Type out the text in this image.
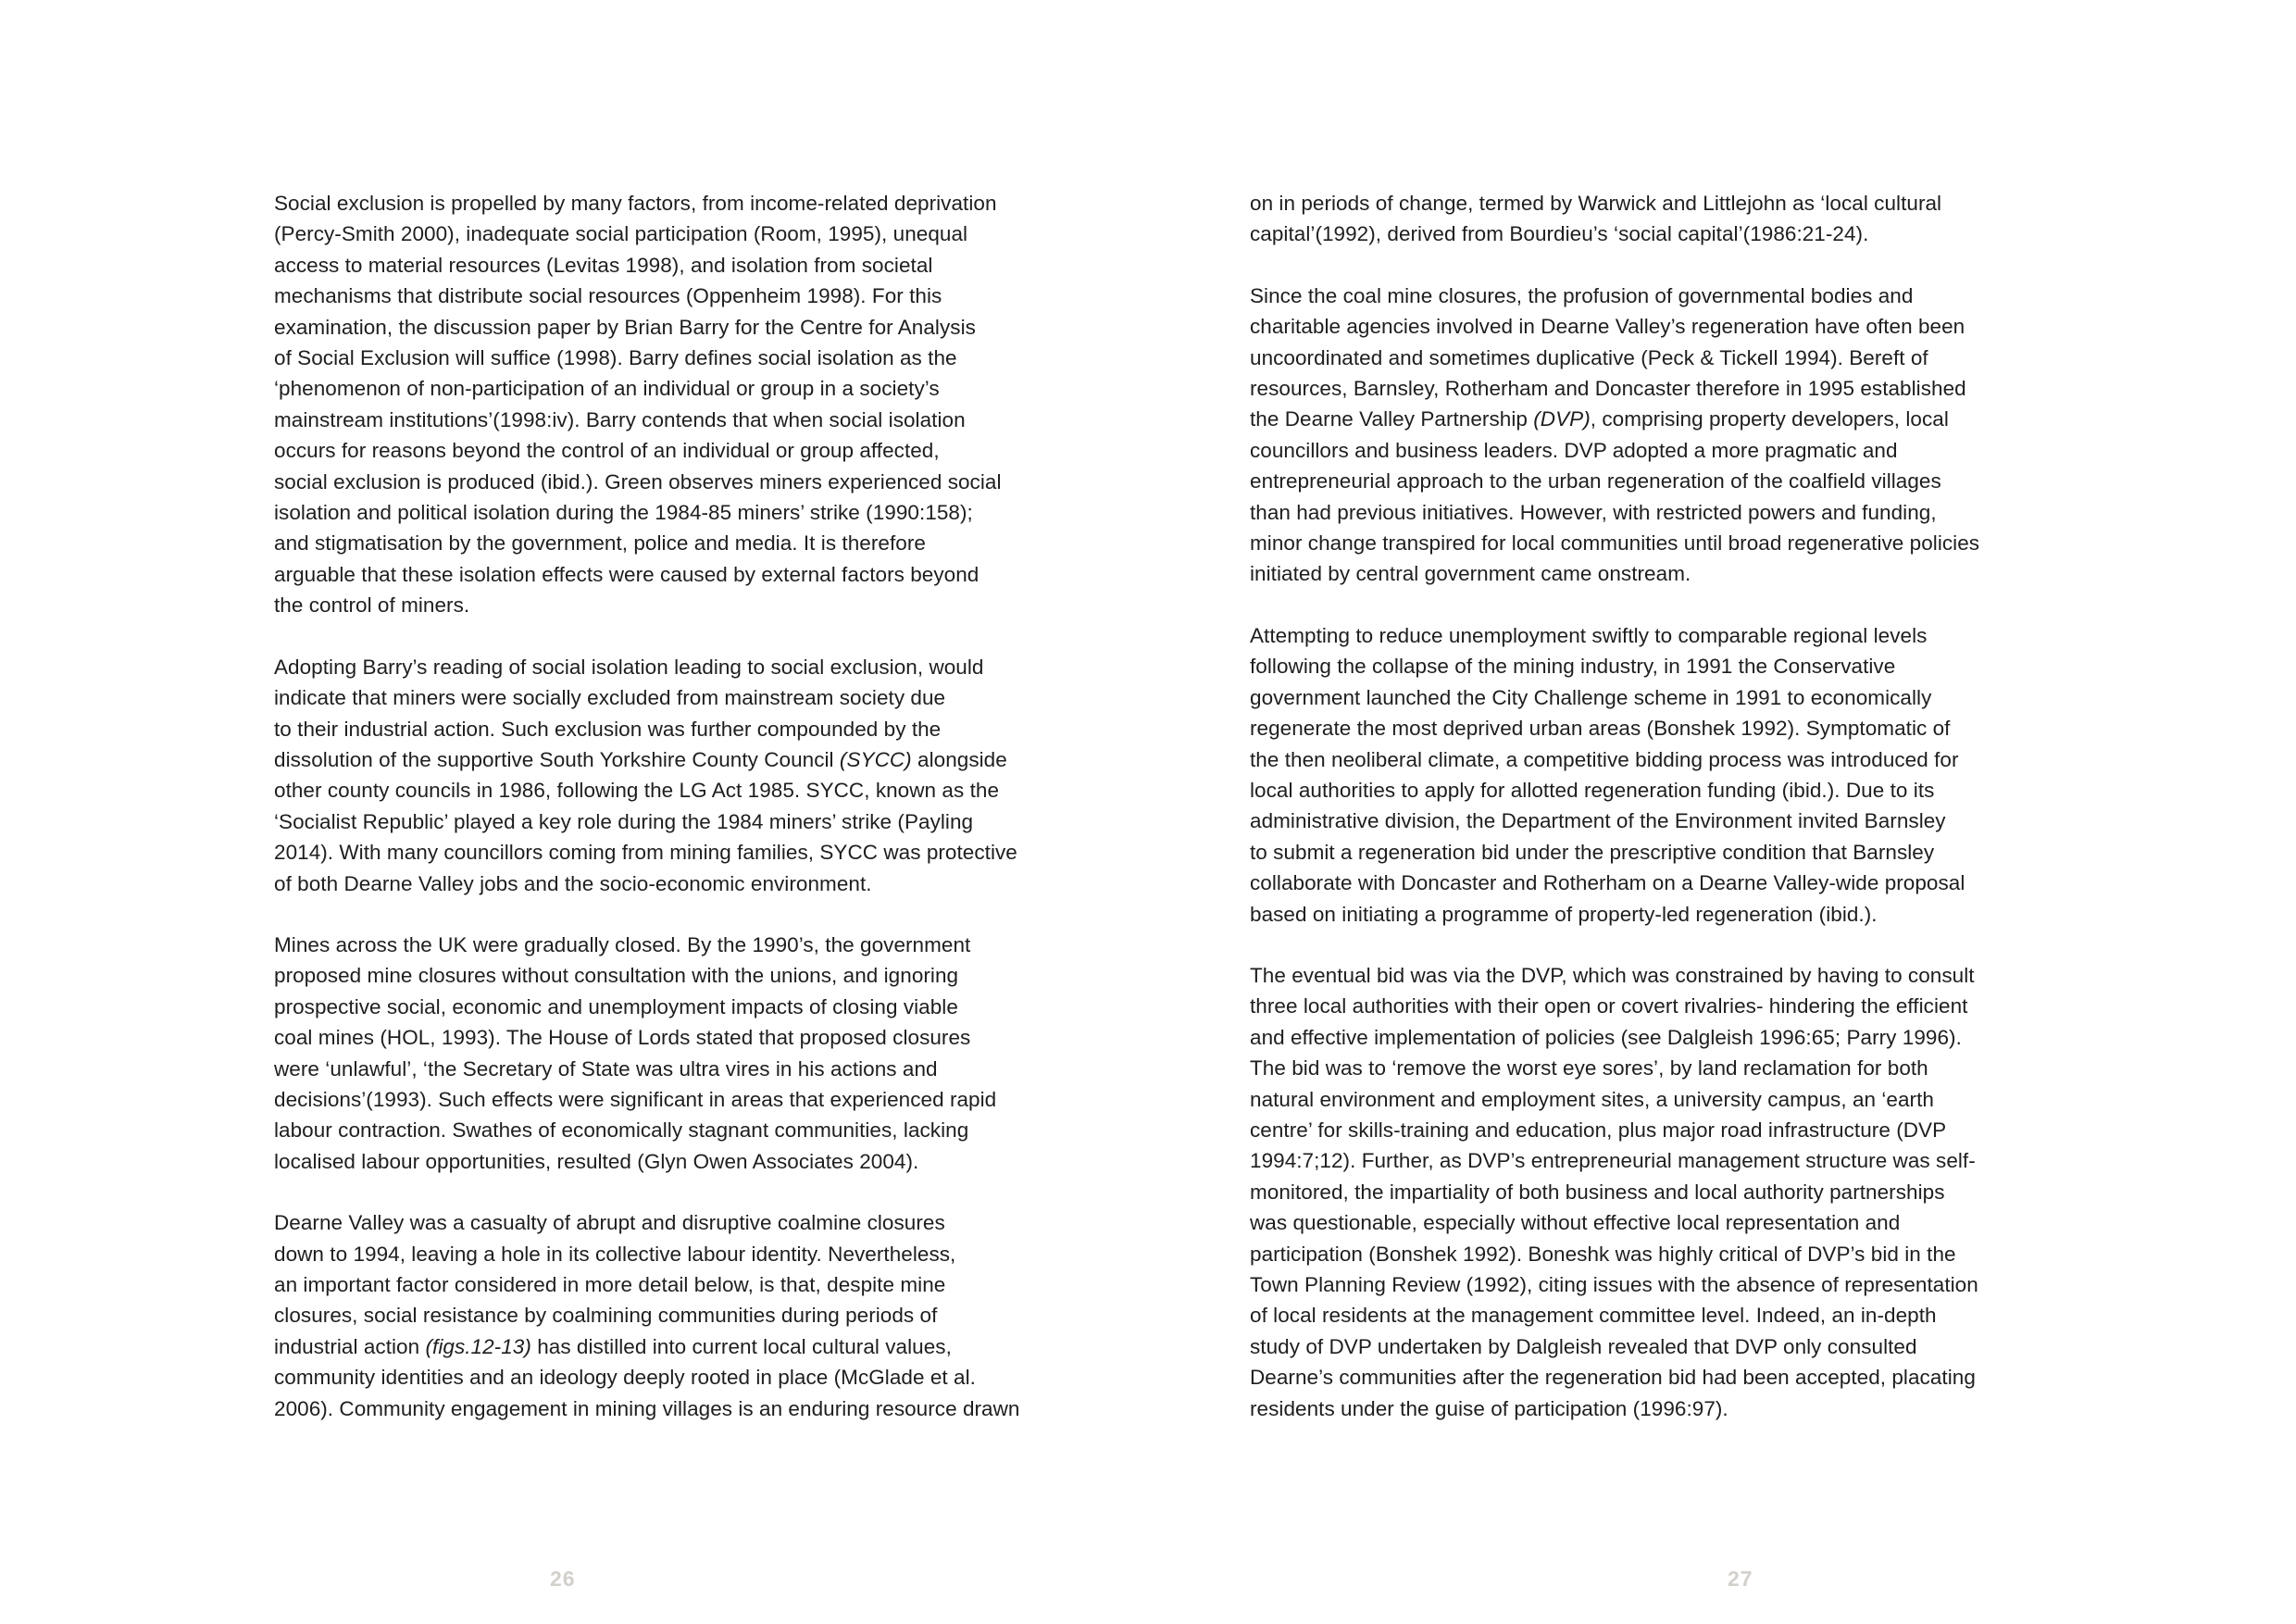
Social exclusion is propelled by many factors, from income-related deprivation
(Percy-Smith 2000), inadequate social participation (Room, 1995), unequal
access to material resources (Levitas 1998), and isolation from societal
mechanisms that distribute social resources (Oppenheim 1998). For this
examination, the discussion paper by Brian Barry for the Centre for Analysis
of Social Exclusion will suffice (1998). Barry defines social isolation as the
‘phenomenon of non-participation of an individual or group in a society’s
mainstream institutions’(1998:iv). Barry contends that when social isolation
occurs for reasons beyond the control of an individual or group affected,
social exclusion is produced (ibid.). Green observes miners experienced social
isolation and political isolation during the 1984-85 miners’ strike (1990:158);
and stigmatisation by the government, police and media. It is therefore
arguable that these isolation effects were caused by external factors beyond
the control of miners.

Adopting Barry’s reading of social isolation leading to social exclusion, would
indicate that miners were socially excluded from mainstream society due
to their industrial action. Such exclusion was further compounded by the
dissolution of the supportive South Yorkshire County Council (SYCC) alongside
other county councils in 1986, following the LG Act 1985. SYCC, known as the
‘Socialist Republic’ played a key role during the 1984 miners’ strike (Payling
2014). With many councillors coming from mining families, SYCC was protective
of both Dearne Valley jobs and the socio-economic environment.

Mines across the UK were gradually closed. By the 1990’s, the government
proposed mine closures without consultation with the unions, and ignoring
prospective social, economic and unemployment impacts of closing viable
coal mines (HOL, 1993). The House of Lords stated that proposed closures
were ‘unlawful’, ‘the Secretary of State was ultra vires in his actions and
decisions’(1993). Such effects were significant in areas that experienced rapid
labour contraction. Swathes of economically stagnant communities, lacking
localised labour opportunities, resulted (Glyn Owen Associates 2004).

Dearne Valley was a casualty of abrupt and disruptive coalmine closures
down to 1994, leaving a hole in its collective labour identity. Nevertheless,
an important factor considered in more detail below, is that, despite mine
closures, social resistance by coalmining communities during periods of
industrial action (figs.12-13) has distilled into current local cultural values,
community identities and an ideology deeply rooted in place (McGlade et al.
2006). Community engagement in mining villages is an enduring resource drawn

26

on in periods of change, termed by Warwick and Littlejohn as ‘local cultural
capital’(1992), derived from Bourdieu’s ‘social capital’(1986:21-24).

Since the coal mine closures, the profusion of governmental bodies and
charitable agencies involved in Dearne Valley’s regeneration have often been
uncoordinated and sometimes duplicative (Peck & Tickell 1994). Bereft of
resources, Barnsley, Rotherham and Doncaster therefore in 1995 established
the Dearne Valley Partnership (DVP), comprising property developers, local
councillors and business leaders. DVP adopted a more pragmatic and
entrepreneurial approach to the urban regeneration of the coalfield villages
than had previous initiatives. However, with restricted powers and funding,
minor change transpired for local communities until broad regenerative policies
initiated by central government came onstream.

Attempting to reduce unemployment swiftly to comparable regional levels
following the collapse of the mining industry, in 1991 the Conservative
government launched the City Challenge scheme in 1991 to economically
regenerate the most deprived urban areas (Bonshek 1992). Symptomatic of
the then neoliberal climate, a competitive bidding process was introduced for
local authorities to apply for allotted regeneration funding (ibid.). Due to its
administrative division, the Department of the Environment invited Barnsley
to submit a regeneration bid under the prescriptive condition that Barnsley
collaborate with Doncaster and Rotherham on a Dearne Valley-wide proposal
based on initiating a programme of property-led regeneration (ibid.).

The eventual bid was via the DVP, which was constrained by having to consult
three local authorities with their open or covert rivalries- hindering the efficient
and effective implementation of policies (see Dalgleish 1996:65; Parry 1996).
The bid was to ‘remove the worst eye sores’, by land reclamation for both
natural environment and employment sites, a university campus, an ‘earth
centre’ for skills-training and education, plus major road infrastructure (DVP
1994:7;12). Further, as DVP’s entrepreneurial management structure was self-
monitored, the impartiality of both business and local authority partnerships
was questionable, especially without effective local representation and
participation (Bonshek 1992). Boneshk was highly critical of DVP’s bid in the
Town Planning Review (1992), citing issues with the absence of representation
of local residents at the management committee level. Indeed, an in-depth
study of DVP undertaken by Dalgleish revealed that DVP only consulted
Dearne’s communities after the regeneration bid had been accepted, placating
residents under the guise of participation (1996:97).

27
